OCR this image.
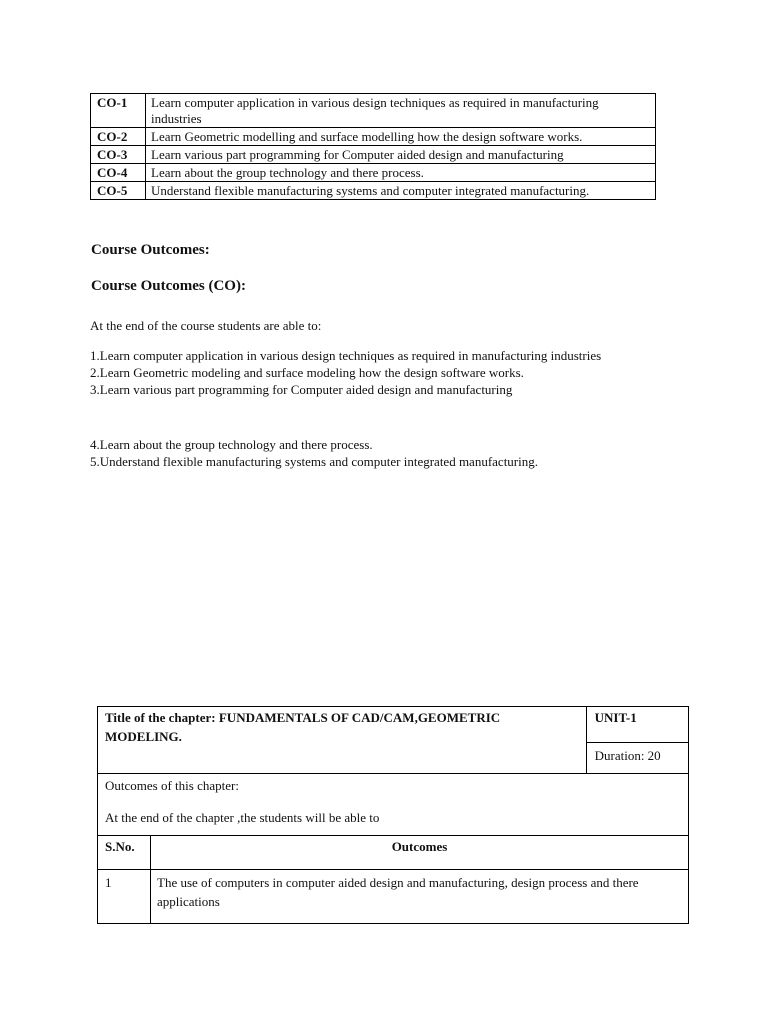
CO-1	Learn computer application in various design techniques as required in manufacturing industries
CO-2	Learn Geometric modelling and surface modelling how the design software works.
CO-3	Learn various part programming for Computer aided design and manufacturing
CO-4	Learn about the group technology and there process.
CO-5	Understand flexible manufacturing systems and computer integrated manufacturing.

Course Outcomes:

Course Outcomes (CO):

At the end of the course students are able to:

1.Learn computer application in various design techniques as required in manufacturing industries
2.Learn Geometric modeling and surface modeling how the design software works.
3.Learn various part programming for Computer aided design and manufacturing

4.Learn about the group technology and there process.
5.Understand flexible manufacturing systems and computer integrated manufacturing.

Title of the chapter: FUNDAMENTALS OF CAD/CAM,GEOMETRIC MODELING.		UNIT-1
		Duration: 20

Outcomes of this chapter:

At the end of the chapter ,the students will be able to		

S.No.	Outcomes	
1	The use of computers in computer aided design and manufacturing, design process and there applications	
